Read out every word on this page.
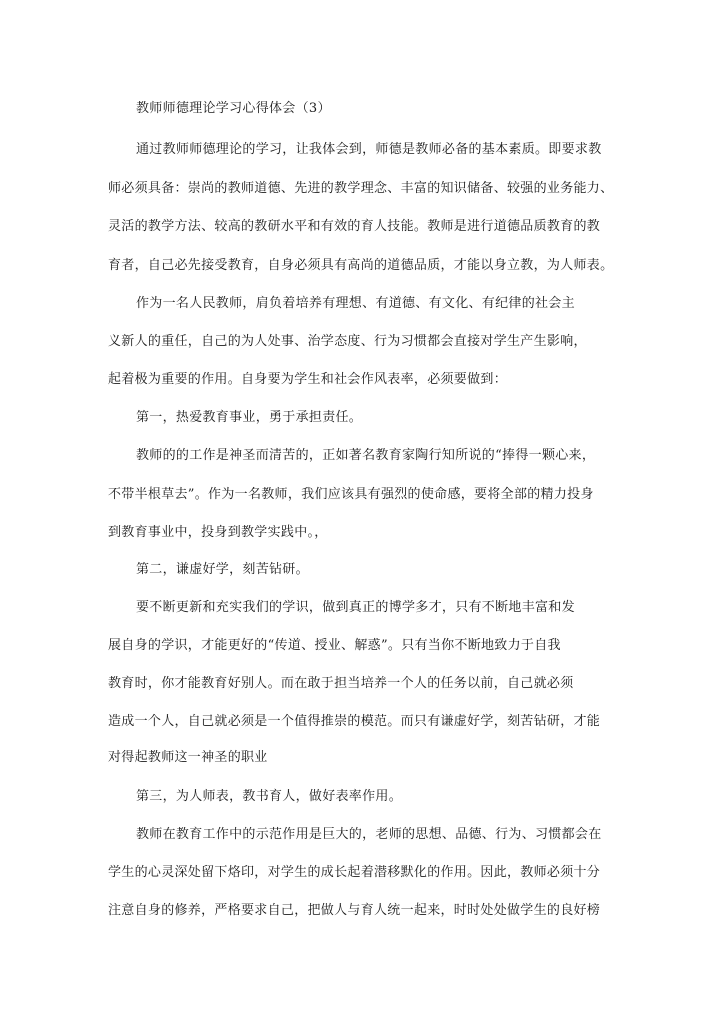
教师师德理论学习心得体会（3）
通过教师师德理论的学习，让我体会到，师德是教师必备的基本素质。即要求教
师必须具备：崇尚的教师道德、先进的教学理念、丰富的知识储备、较强的业务能力、
灵活的教学方法、较高的教研水平和有效的育人技能。教师是进行道德品质教育的教
育者，自己必先接受教育，自身必须具有高尚的道德品质，才能以身立教，为人师表。
作为一名人民教师，肩负着培养有理想、有道德、有文化、有纪律的社会主
义新人的重任，自己的为人处事、治学态度、行为习惯都会直接对学生产生影响，
起着极为重要的作用。自身要为学生和社会作风表率，必须要做到：
第一，热爱教育事业，勇于承担责任。
教师的的工作是神圣而清苦的，正如著名教育家陶行知所说的“捧得一颗心来，
不带半根草去”。作为一名教师，我们应该具有强烈的使命感，要将全部的精力投身
到教育事业中，投身到教学实践中。，
第二，谦虚好学，刻苦钻研。
要不断更新和充实我们的学识，做到真正的博学多才，只有不断地丰富和发
展自身的学识，才能更好的“传道、授业、解惑”。只有当你不断地致力于自我
教育时，你才能教育好别人。而在敢于担当培养一个人的任务以前，自己就必须
造成一个人，自己就必须是一个值得推崇的模范。而只有谦虚好学，刻苦钻研，才能
对得起教师这一神圣的职业
第三，为人师表，教书育人，做好表率作用。
教师在教育工作中的示范作用是巨大的，老师的思想、品德、行为、习惯都会在
学生的心灵深处留下烙印，对学生的成长起着潜移默化的作用。因此，教师必须十分
注意自身的修养，严格要求自己，把做人与育人统一起来，时时处处做学生的良好榜
